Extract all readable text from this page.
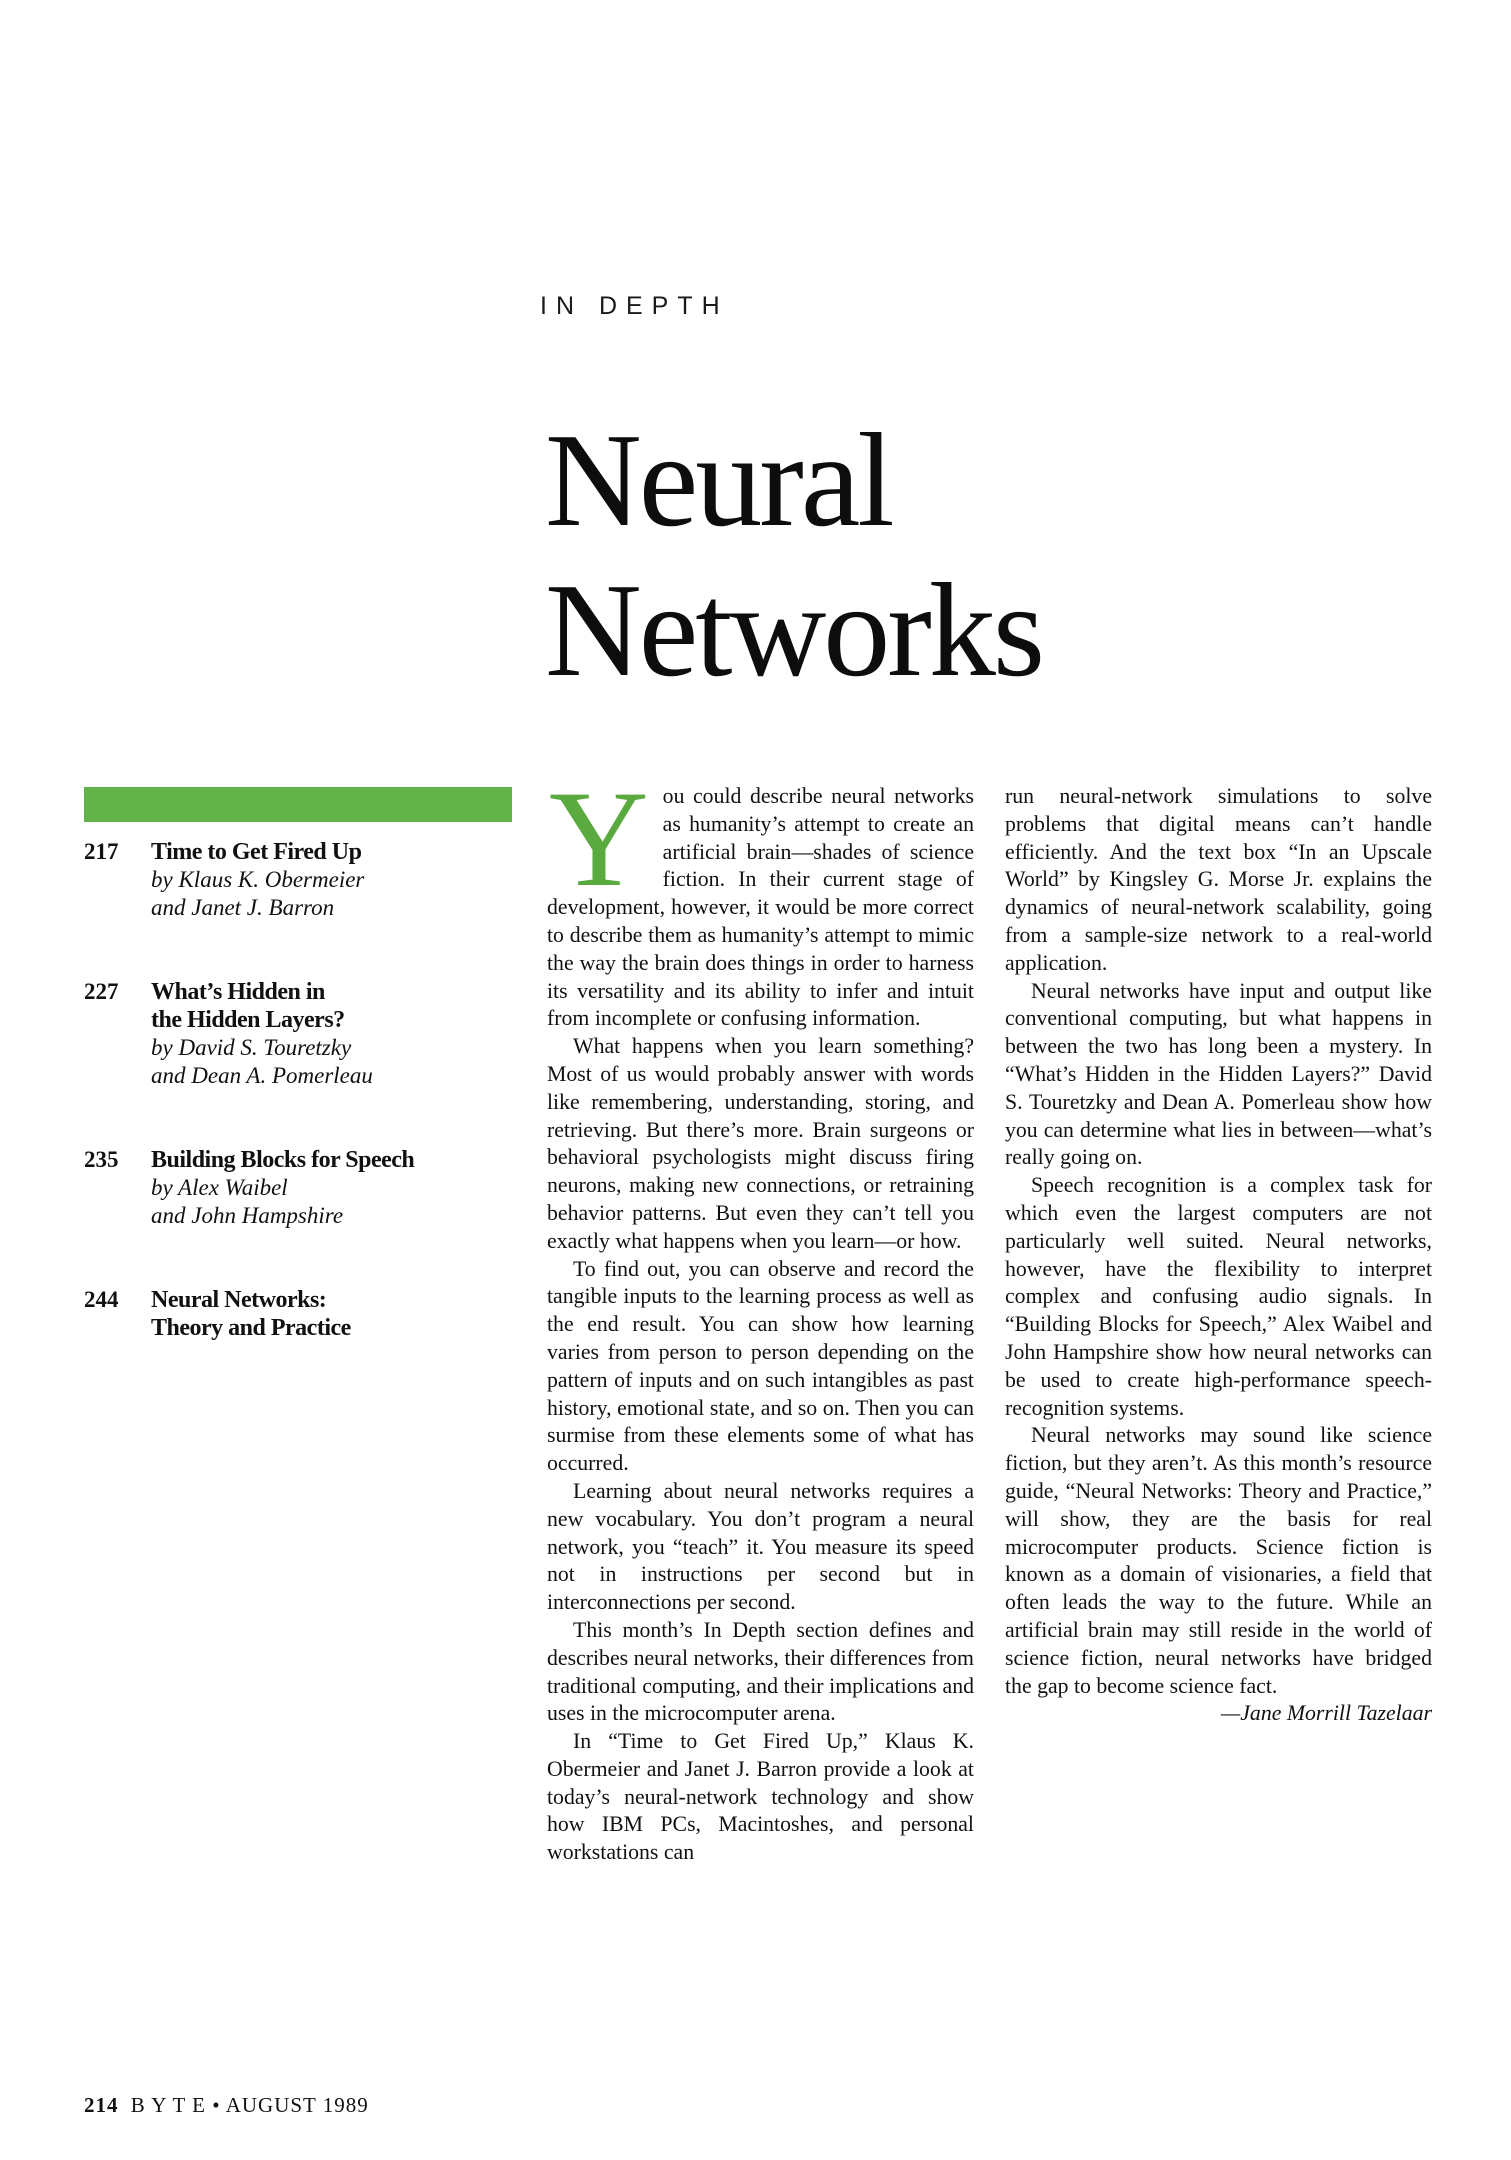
IN DEPTH
Neural
Networks
217 Time to Get Fired Up
by Klaus K. Obermeier
and Janet J. Barron
227 What’s Hidden in
the Hidden Layers?
by David S. Touretzky
and Dean A. Pomerleau
235 Building Blocks for Speech
by Alex Waibel
and John Hampshire
244 Neural Networks:
Theory and Practice

You could describe neural networks as humanity’s attempt to create an artificial brain—shades of science fiction. In their current stage of development, however, it would be more correct to describe them as humanity’s attempt to mimic the way the brain does things in order to harness its versatility and its ability to infer and intuit from incomplete or confusing information.

What happens when you learn something? Most of us would probably answer with words like remembering, understanding, storing, and retrieving. But there’s more. Brain surgeons or behavioral psychologists might discuss firing neurons, making new connections, or retraining behavior patterns. But even they can’t tell you exactly what happens when you learn—or how.

To find out, you can observe and record the tangible inputs to the learning process as well as the end result. You can show how learning varies from person to person depending on the pattern of inputs and on such intangibles as past history, emotional state, and so on. Then you can surmise from these elements some of what has occurred.

Learning about neural networks requires a new vocabulary. You don’t program a neural network, you “teach” it. You measure its speed not in instructions per second but in interconnections per second.

This month’s In Depth section defines and describes neural networks, their differences from traditional computing, and their implications and uses in the microcomputer arena.

In “Time to Get Fired Up,” Klaus K. Obermeier and Janet J. Barron provide a look at today’s neural-network technology and show how IBM PCs, Macintoshes, and personal workstations can

run neural-network simulations to solve problems that digital means can’t handle efficiently. And the text box “In an Upscale World” by Kingsley G. Morse Jr. explains the dynamics of neural-network scalability, going from a sample-size network to a real-world application.

Neural networks have input and output like conventional computing, but what happens in between the two has long been a mystery. In “What’s Hidden in the Hidden Layers?” David S. Touretzky and Dean A. Pomerleau show how you can determine what lies in between—what’s really going on.

Speech recognition is a complex task for which even the largest computers are not particularly well suited. Neural networks, however, have the flexibility to interpret complex and confusing audio signals. In “Building Blocks for Speech,” Alex Waibel and John Hampshire show how neural networks can be used to create high-performance speech-recognition systems.

Neural networks may sound like science fiction, but they aren’t. As this month’s resource guide, “Neural Networks: Theory and Practice,” will show, they are the basis for real microcomputer products. Science fiction is known as a domain of visionaries, a field that often leads the way to the future. While an artificial brain may still reside in the world of science fiction, neural networks have bridged the gap to become science fact.

—Jane Morrill Tazelaar

214 B Y T E • AUGUST 1989
